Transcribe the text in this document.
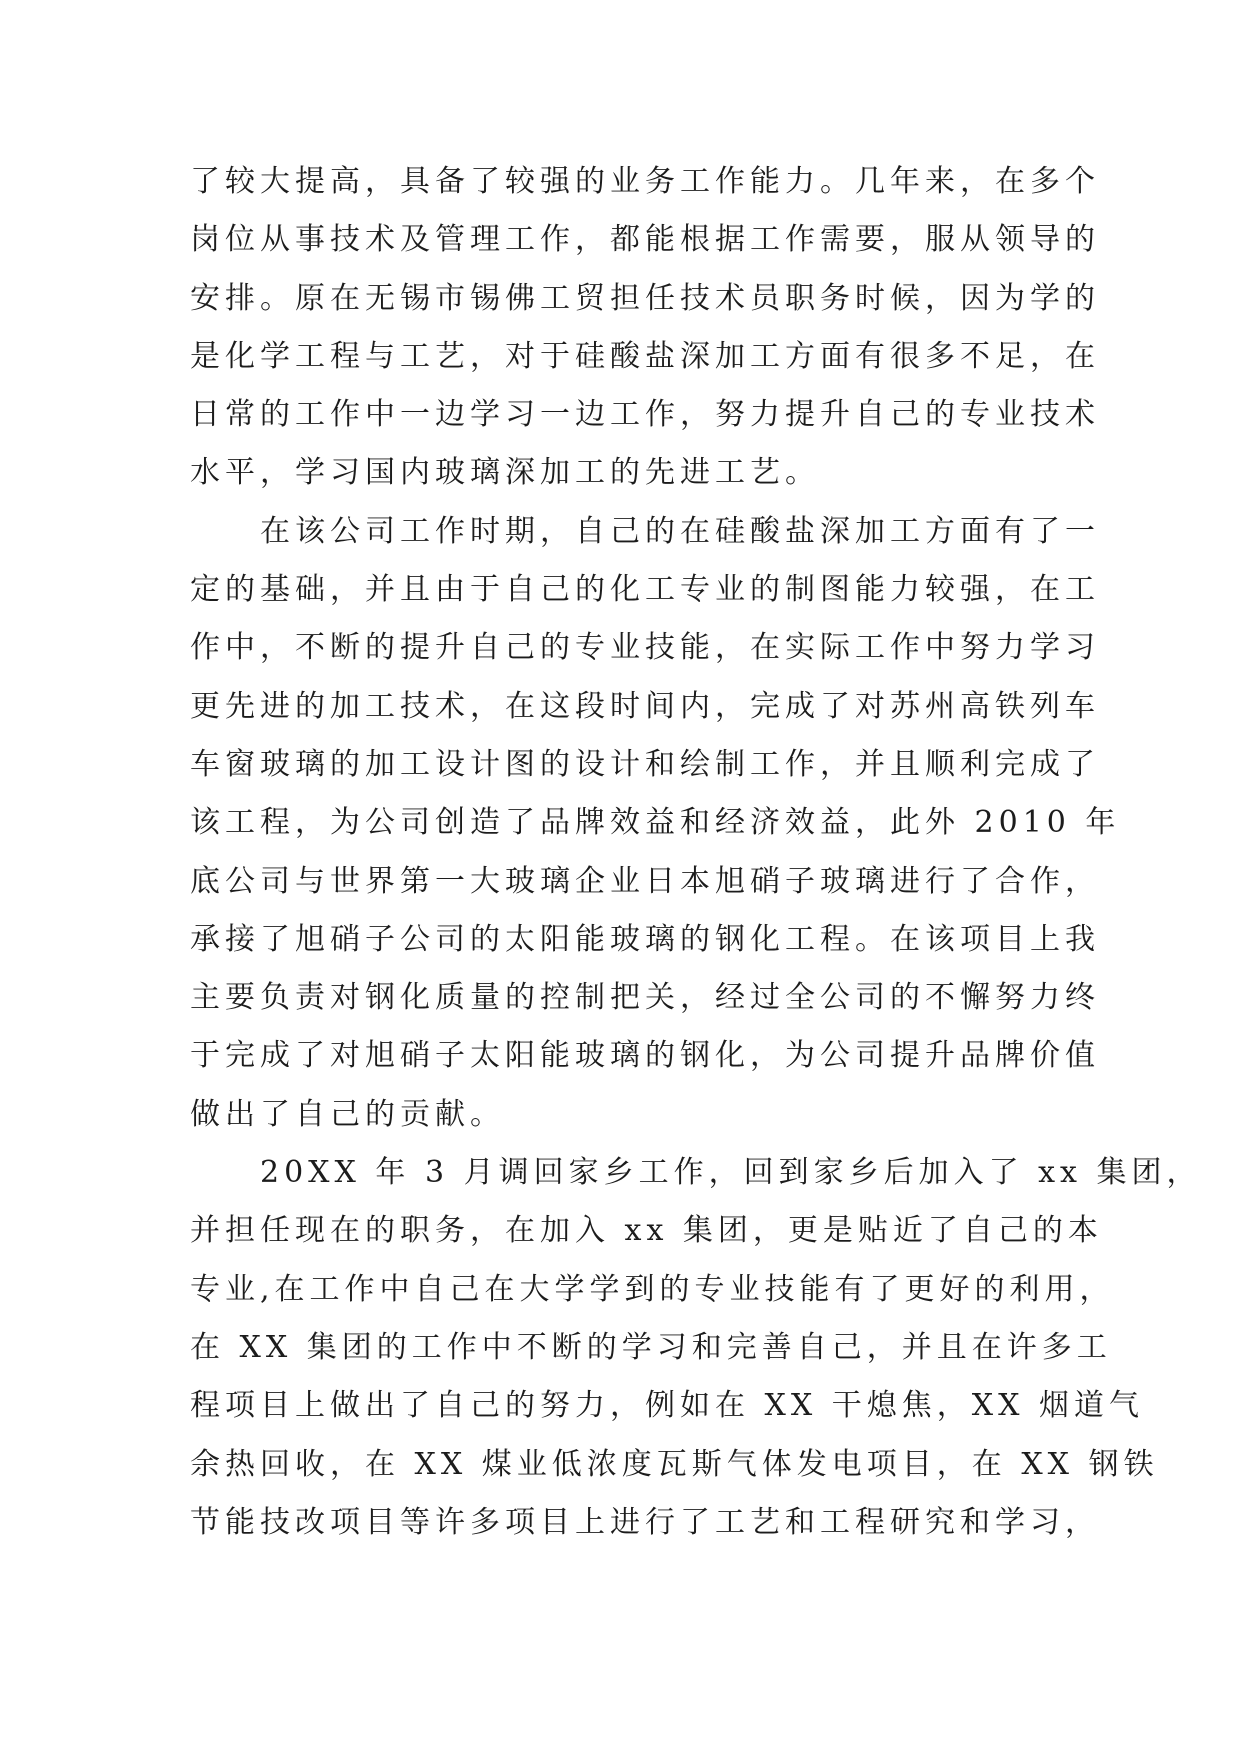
了较大提高，具备了较强的业务工作能力。几年来，在多个
岗位从事技术及管理工作，都能根据工作需要，服从领导的
安排。原在无锡市锡佛工贸担任技术员职务时候，因为学的
是化学工程与工艺，对于硅酸盐深加工方面有很多不足，在
日常的工作中一边学习一边工作，努力提升自己的专业技术
水平，学习国内玻璃深加工的先进工艺。
　　在该公司工作时期，自己的在硅酸盐深加工方面有了一
定的基础，并且由于自己的化工专业的制图能力较强，在工
作中，不断的提升自己的专业技能，在实际工作中努力学习
更先进的加工技术，在这段时间内，完成了对苏州高铁列车
车窗玻璃的加工设计图的设计和绘制工作，并且顺利完成了
该工程，为公司创造了品牌效益和经济效益，此外 2010 年
底公司与世界第一大玻璃企业日本旭硝子玻璃进行了合作，
承接了旭硝子公司的太阳能玻璃的钢化工程。在该项目上我
主要负责对钢化质量的控制把关，经过全公司的不懈努力终
于完成了对旭硝子太阳能玻璃的钢化，为公司提升品牌价值
做出了自己的贡献。
　　20XX 年 3 月调回家乡工作，回到家乡后加入了 xx 集团，
并担任现在的职务，在加入 xx 集团，更是贴近了自己的本
专业,在工作中自己在大学学到的专业技能有了更好的利用，
在 XX 集团的工作中不断的学习和完善自己，并且在许多工
程项目上做出了自己的努力，例如在 XX 干熄焦，XX 烟道气
余热回收，在 XX 煤业低浓度瓦斯气体发电项目，在 XX 钢铁
节能技改项目等许多项目上进行了工艺和工程研究和学习，
